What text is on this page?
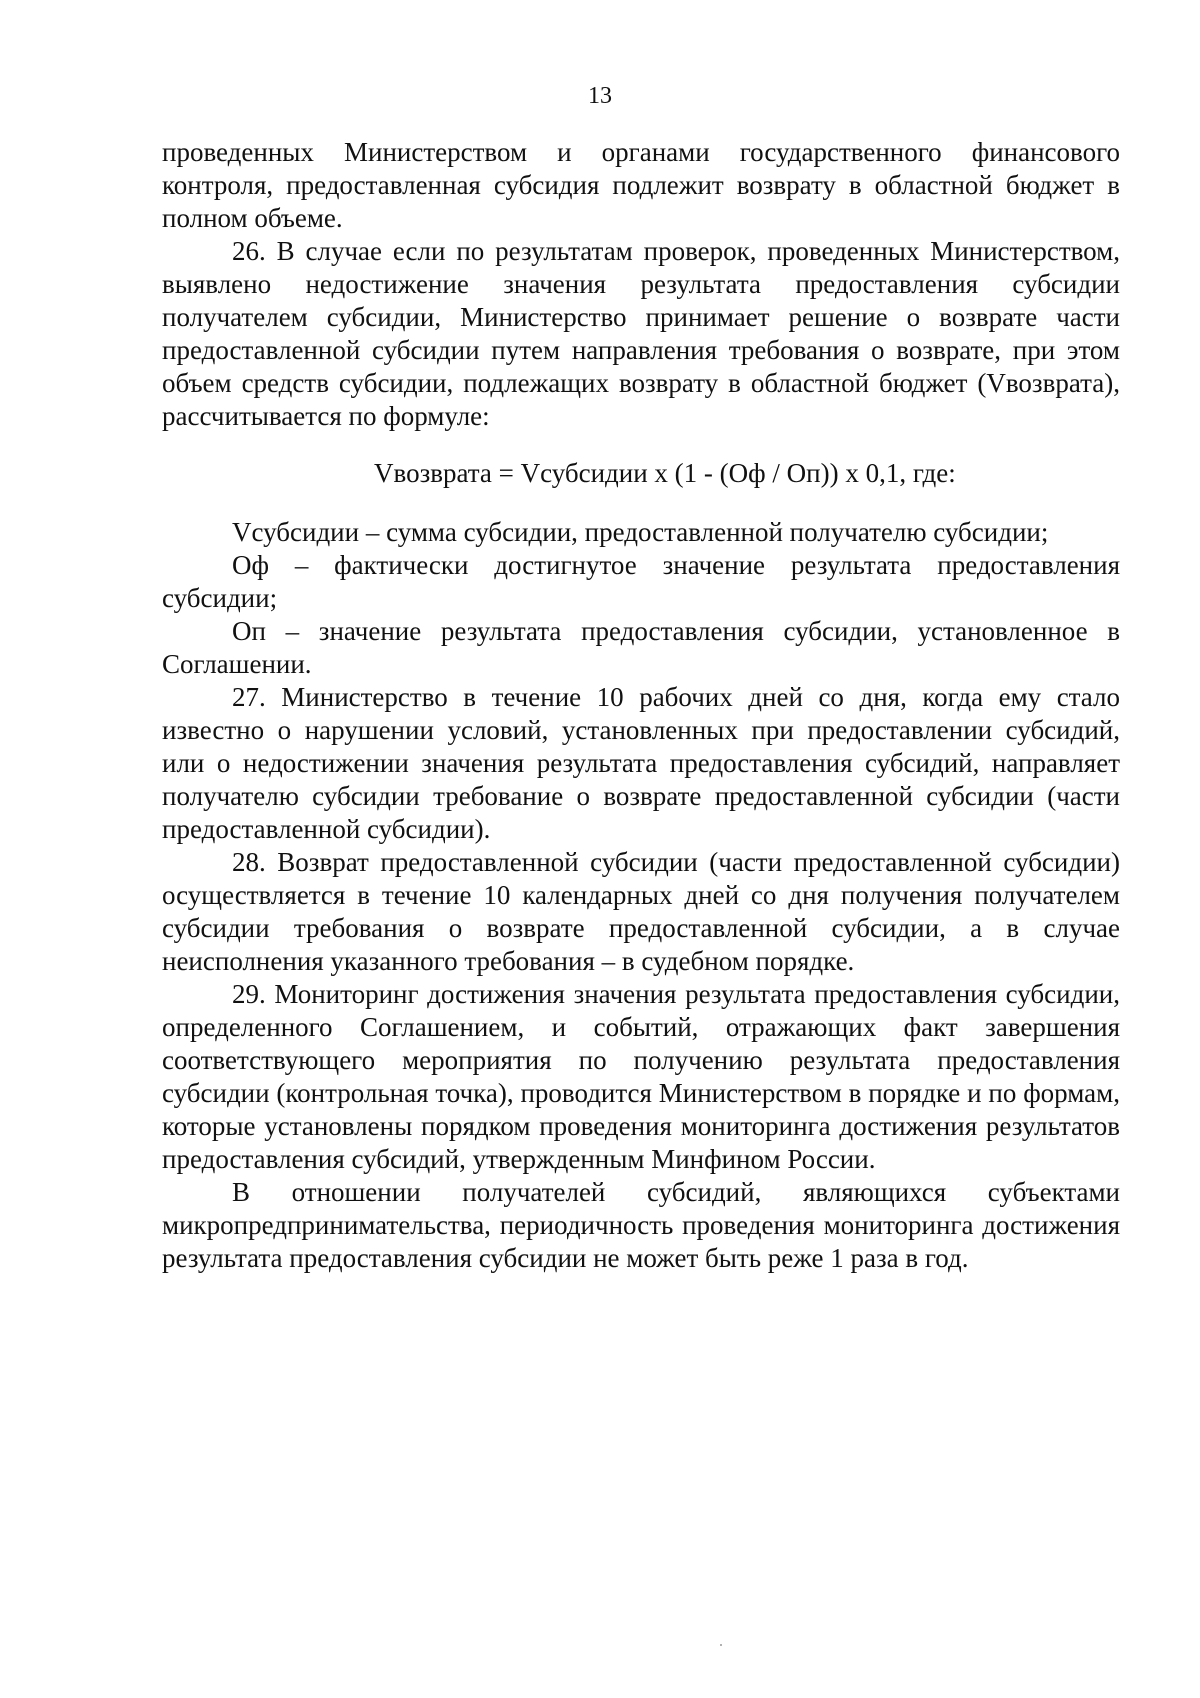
13

проведенных Министерством и органами государственного финансового контроля, предоставленная субсидия подлежит возврату в областной бюджет в полном объеме.

26. В случае если по результатам проверок, проведенных Министерством, выявлено недостижение значения результата предоставления субсидии получателем субсидии, Министерство принимает решение о возврате части предоставленной субсидии путем направления требования о возврате, при этом объем средств субсидии, подлежащих возврату в областной бюджет (Vвозврата), рассчитывается по формуле:

Vвозврата = Vсубсидии x (1 - (Оф / Оп)) x 0,1, где:

Vсубсидии – сумма субсидии, предоставленной получателю субсидии;

Оф – фактически достигнутое значение результата предоставления субсидии;

Оп – значение результата предоставления субсидии, установленное в Соглашении.

27. Министерство в течение 10 рабочих дней со дня, когда ему стало известно о нарушении условий, установленных при предоставлении субсидий, или о недостижении значения результата предоставления субсидий, направляет получателю субсидии требование о возврате предоставленной субсидии (части предоставленной субсидии).

28. Возврат предоставленной субсидии (части предоставленной субсидии) осуществляется в течение 10 календарных дней со дня получения получателем субсидии требования о возврате предоставленной субсидии, а в случае неисполнения указанного требования – в судебном порядке.

29. Мониторинг достижения значения результата предоставления субсидии, определенного Соглашением, и событий, отражающих факт завершения соответствующего мероприятия по получению результата предоставления субсидии (контрольная точка), проводится Министерством в порядке и по формам, которые установлены порядком проведения мониторинга достижения результатов предоставления субсидий, утвержденным Минфином России.

В отношении получателей субсидий, являющихся субъектами микропредпринимательства, периодичность проведения мониторинга достижения результата предоставления субсидии не может быть реже 1 раза в год.
